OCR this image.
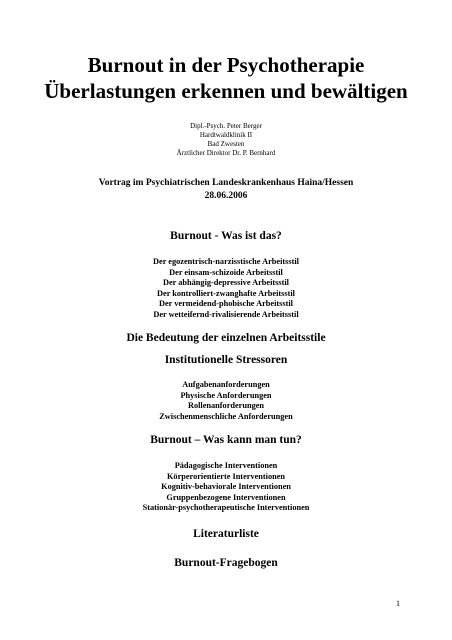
Burnout in der Psychotherapie
Überlastungen erkennen und bewältigen
Dipl.-Psych. Peter Berger
Hardtwaldklinik II
Bad Zwesten
Ärztlicher Direktor Dr. P. Bernhard
Vortrag im Psychiatrischen Landeskrankenhaus Haina/Hessen
28.06.2006
Burnout - Was ist das?
Der egozentrisch-narzisstische Arbeitsstil
Der einsam-schizoide Arbeitsstil
Der abhängig-depressive Arbeitsstil
Der kontrolliert-zwanghafte Arbeitsstil
Der vermeidend-phobische Arbeitsstil
Der wetteifernd-rivalisierende Arbeitsstil
Die Bedeutung der einzelnen Arbeitsstile
Institutionelle Stressoren
Aufgabenanforderungen
Physische Anforderungen
Rollenanforderungen
Zwischenmenschliche Anforderungen
Burnout – Was kann man tun?
Pädagogische Interventionen
Körperorientierte Interventionen
Kognitiv-behaviorale Interventionen
Gruppenbezogene Interventionen
Stationär-psychotherapeutische Interventionen
Literaturliste
Burnout-Fragebogen
1
